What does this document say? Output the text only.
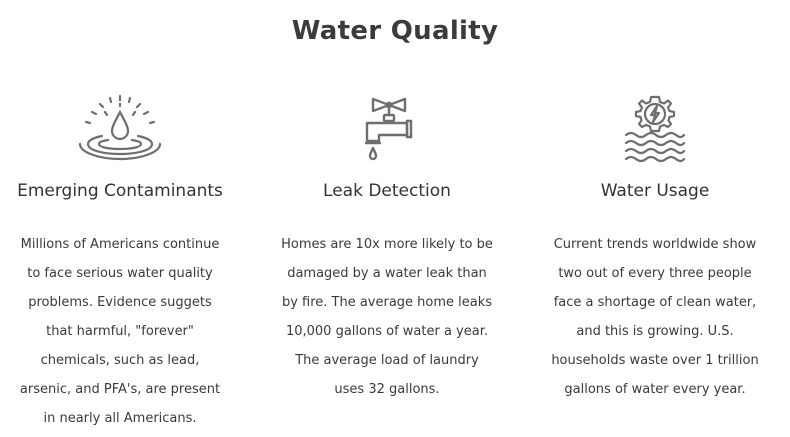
Water Quality
Emerging Contaminants

Millions of Americans continue to face serious water quality problems. Evidence suggets that harmful, "forever" chemicals, such as lead, arsenic, and PFA's, are present in nearly all Americans.

Leak Detection

Homes are 10x more likely to be damaged by a water leak than by fire. The average home leaks 10,000 gallons of water a year. The average load of laundry uses 32 gallons.

Water Usage

Current trends worldwide show two out of every three people face a shortage of clean water, and this is growing. U.S. households waste over 1 trillion gallons of water every year.
